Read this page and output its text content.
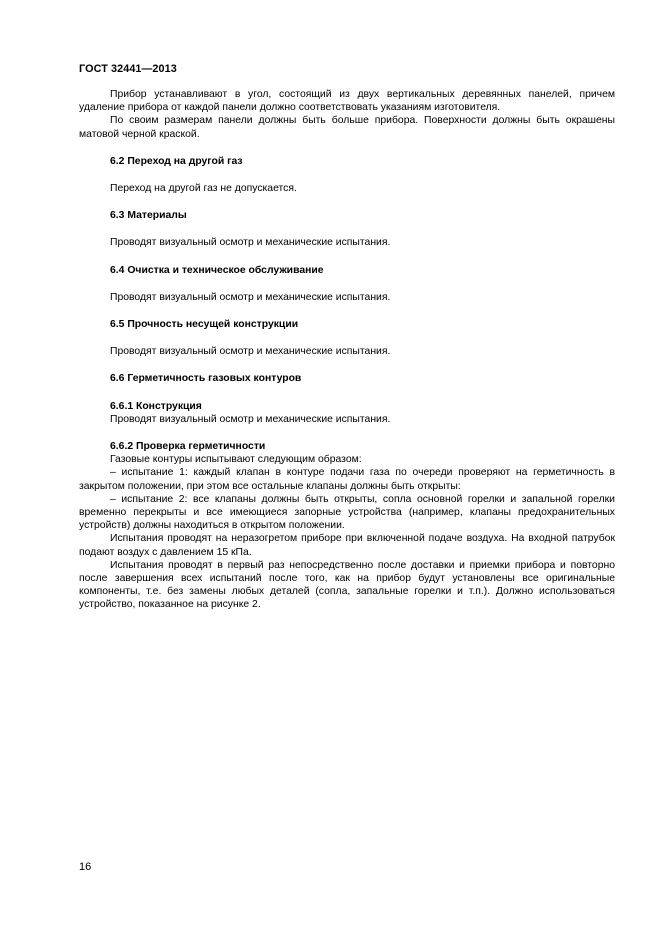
ГОСТ 32441—2013

Прибор устанавливают в угол, состоящий из двух вертикальных деревянных панелей, причем удаление прибора от каждой панели должно соответствовать указаниям изготовителя.

По своим размерам панели должны быть больше прибора. Поверхности должны быть окрашены матовой черной краской.

6.2 Переход на другой газ

Переход на другой газ не допускается.

6.3 Материалы

Проводят визуальный осмотр и механические испытания.

6.4 Очистка и техническое обслуживание

Проводят визуальный осмотр и механические испытания.

6.5 Прочность несущей конструкции

Проводят визуальный осмотр и механические испытания.

6.6 Герметичность газовых контуров

6.6.1 Конструкция

Проводят визуальный осмотр и механические испытания.

6.6.2 Проверка герметичности

Газовые контуры испытывают следующим образом:

– испытание 1: каждый клапан в контуре подачи газа по очереди проверяют на герметичность в закрытом положении, при этом все остальные клапаны должны быть открыты:

– испытание 2: все клапаны должны быть открыты, сопла основной горелки и запальной горелки временно перекрыты и все имеющиеся запорные устройства (например, клапаны предохранительных устройств) должны находиться в открытом положении.

Испытания проводят на неразогретом приборе при включенной подаче воздуха. На входной патрубок подают воздух с давлением 15 кПа.

Испытания проводят в первый раз непосредственно после доставки и приемки прибора и повторно после завершения всех испытаний после того, как на прибор будут установлены все оригинальные компоненты, т.е. без замены любых деталей (сопла, запальные горелки и т.п.). Должно использоваться устройство, показанное на рисунке 2.

16
